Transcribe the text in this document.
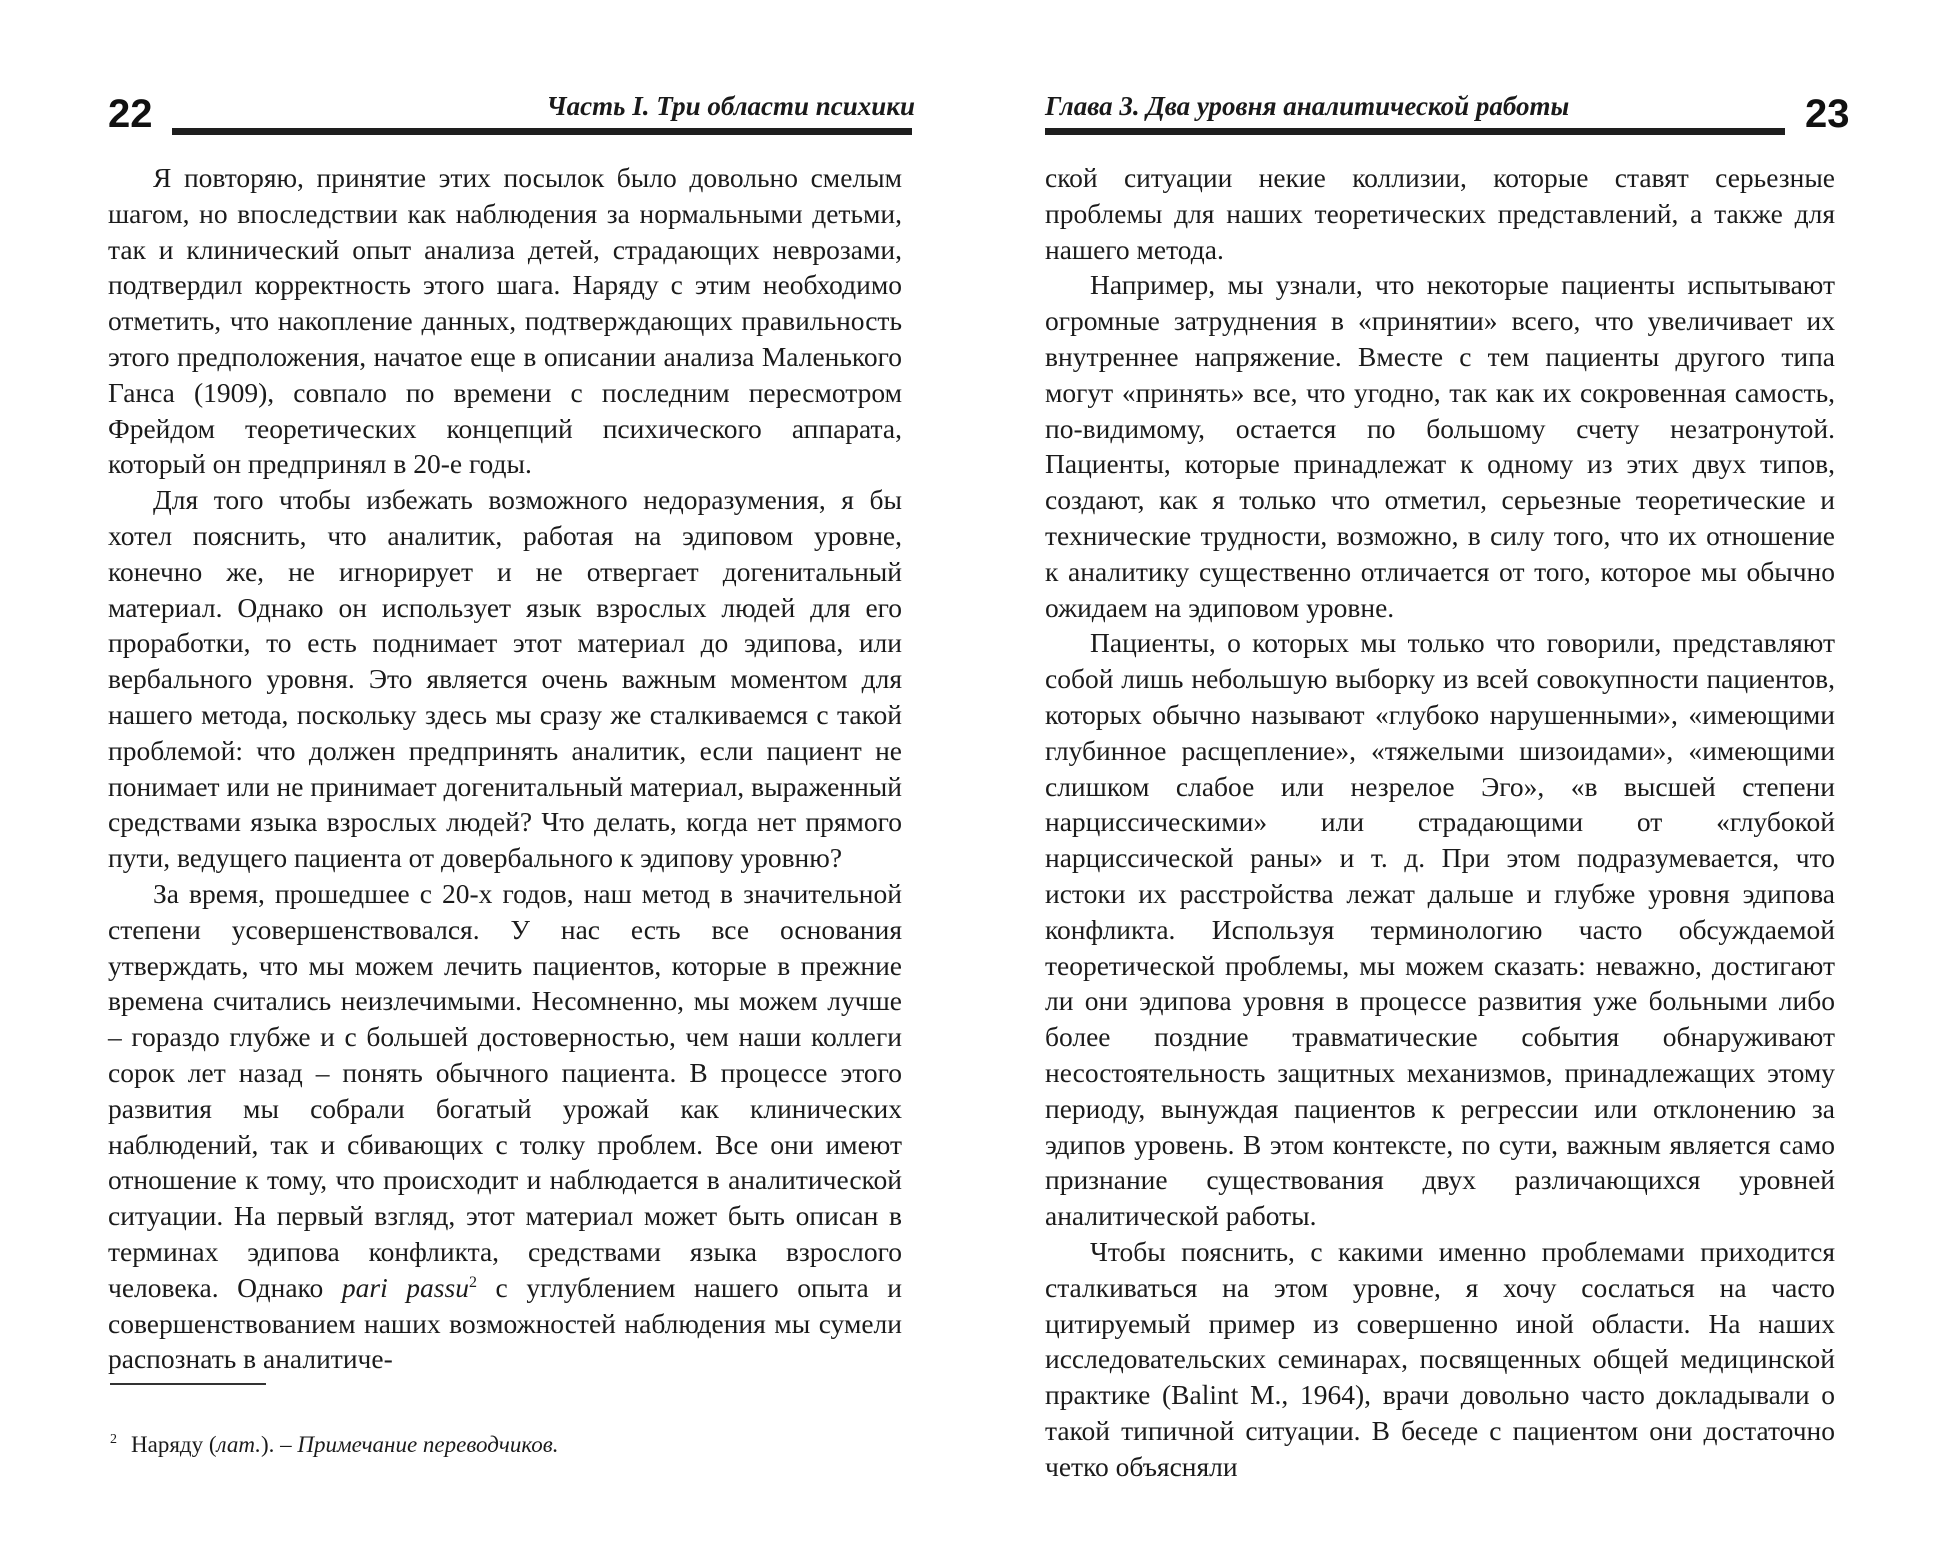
22	Часть I. Три области психики

Я повторяю, принятие этих посылок было довольно смелым шагом, но впоследствии как наблюдения за нормальными детьми, так и клинический опыт анализа детей, страдающих неврозами, подтвердил корректность этого шага. Наряду с этим необходимо отметить, что накопление данных, подтверждающих правильность этого предположения, начатое еще в описании анализа Маленького Ганса (1909), совпало по времени с последним пересмотром Фрейдом теоретических концепций психического аппарата, который он предпринял в 20-е годы.

Для того чтобы избежать возможного недоразумения, я бы хотел пояснить, что аналитик, работая на эдиповом уровне, конечно же, не игнорирует и не отвергает догенитальный материал. Однако он использует язык взрослых людей для его проработки, то есть поднимает этот материал до эдипова, или вербального уровня. Это является очень важным моментом для нашего метода, поскольку здесь мы сразу же сталкиваемся с такой проблемой: что должен предпринять аналитик, если пациент не понимает или не принимает догенитальный материал, выраженный средствами языка взрослых людей? Что делать, когда нет прямого пути, ведущего пациента от довербального к эдипову уровню?

За время, прошедшее с 20-х годов, наш метод в значительной степени усовершенствовался. У нас есть все основания утверждать, что мы можем лечить пациентов, которые в прежние времена считались неизлечимыми. Несомненно, мы можем лучше – гораздо глубже и с большей достоверностью, чем наши коллеги сорок лет назад – понять обычного пациента. В процессе этого развития мы собрали богатый урожай как клинических наблюдений, так и сбивающих с толку проблем. Все они имеют отношение к тому, что происходит и наблюдается в аналитической ситуации. На первый взгляд, этот материал может быть описан в терминах эдипова конфликта, средствами языка взрослого человека. Однако pari passu$^2$ с углублением нашего опыта и совершенствованием наших возможностей наблюдения мы сумели распознать в аналитиче-

$^2$ Наряду (лат.). – Примечание переводчиков.
Глава 3. Два уровня аналитической работы	23

ской ситуации некие коллизии, которые ставят серьезные проблемы для наших теоретических представлений, а также для нашего метода.

Например, мы узнали, что некоторые пациенты испытывают огромные затруднения в «принятии» всего, что увеличивает их внутреннее напряжение. Вместе с тем пациенты другого типа могут «принять» все, что угодно, так как их сокровенная самость, по-видимому, остается по большому счету незатронутой. Пациенты, которые принадлежат к одному из этих двух типов, создают, как я только что отметил, серьезные теоретические и технические трудности, возможно, в силу того, что их отношение к аналитику существенно отличается от того, которое мы обычно ожидаем на эдиповом уровне.

Пациенты, о которых мы только что говорили, представляют собой лишь небольшую выборку из всей совокупности пациентов, которых обычно называют «глубоко нарушенными», «имеющими глубинное расщепление», «тяжелыми шизоидами», «имеющими слишком слабое или незрелое Эго», «в высшей степени нарциссическими» или страдающими от «глубокой нарциссической раны» и т. д. При этом подразумевается, что истоки их расстройства лежат дальше и глубже уровня эдипова конфликта. Используя терминологию часто обсуждаемой теоретической проблемы, мы можем сказать: неважно, достигают ли они эдипова уровня в процессе развития уже больными либо более поздние травматические события обнаруживают несостоятельность защитных механизмов, принадлежащих этому периоду, вынуждая пациентов к регрессии или отклонению за эдипов уровень. В этом контексте, по сути, важным является само признание существования двух различающихся уровней аналитической работы.

Чтобы пояснить, с какими именно проблемами приходится сталкиваться на этом уровне, я хочу сослаться на часто цитируемый пример из совершенно иной области. На наших исследовательских семинарах, посвященных общей медицинской практике (Balint M., 1964), врачи довольно часто докладывали о такой типичной ситуации. В беседе с пациентом они достаточно четко объясняли
